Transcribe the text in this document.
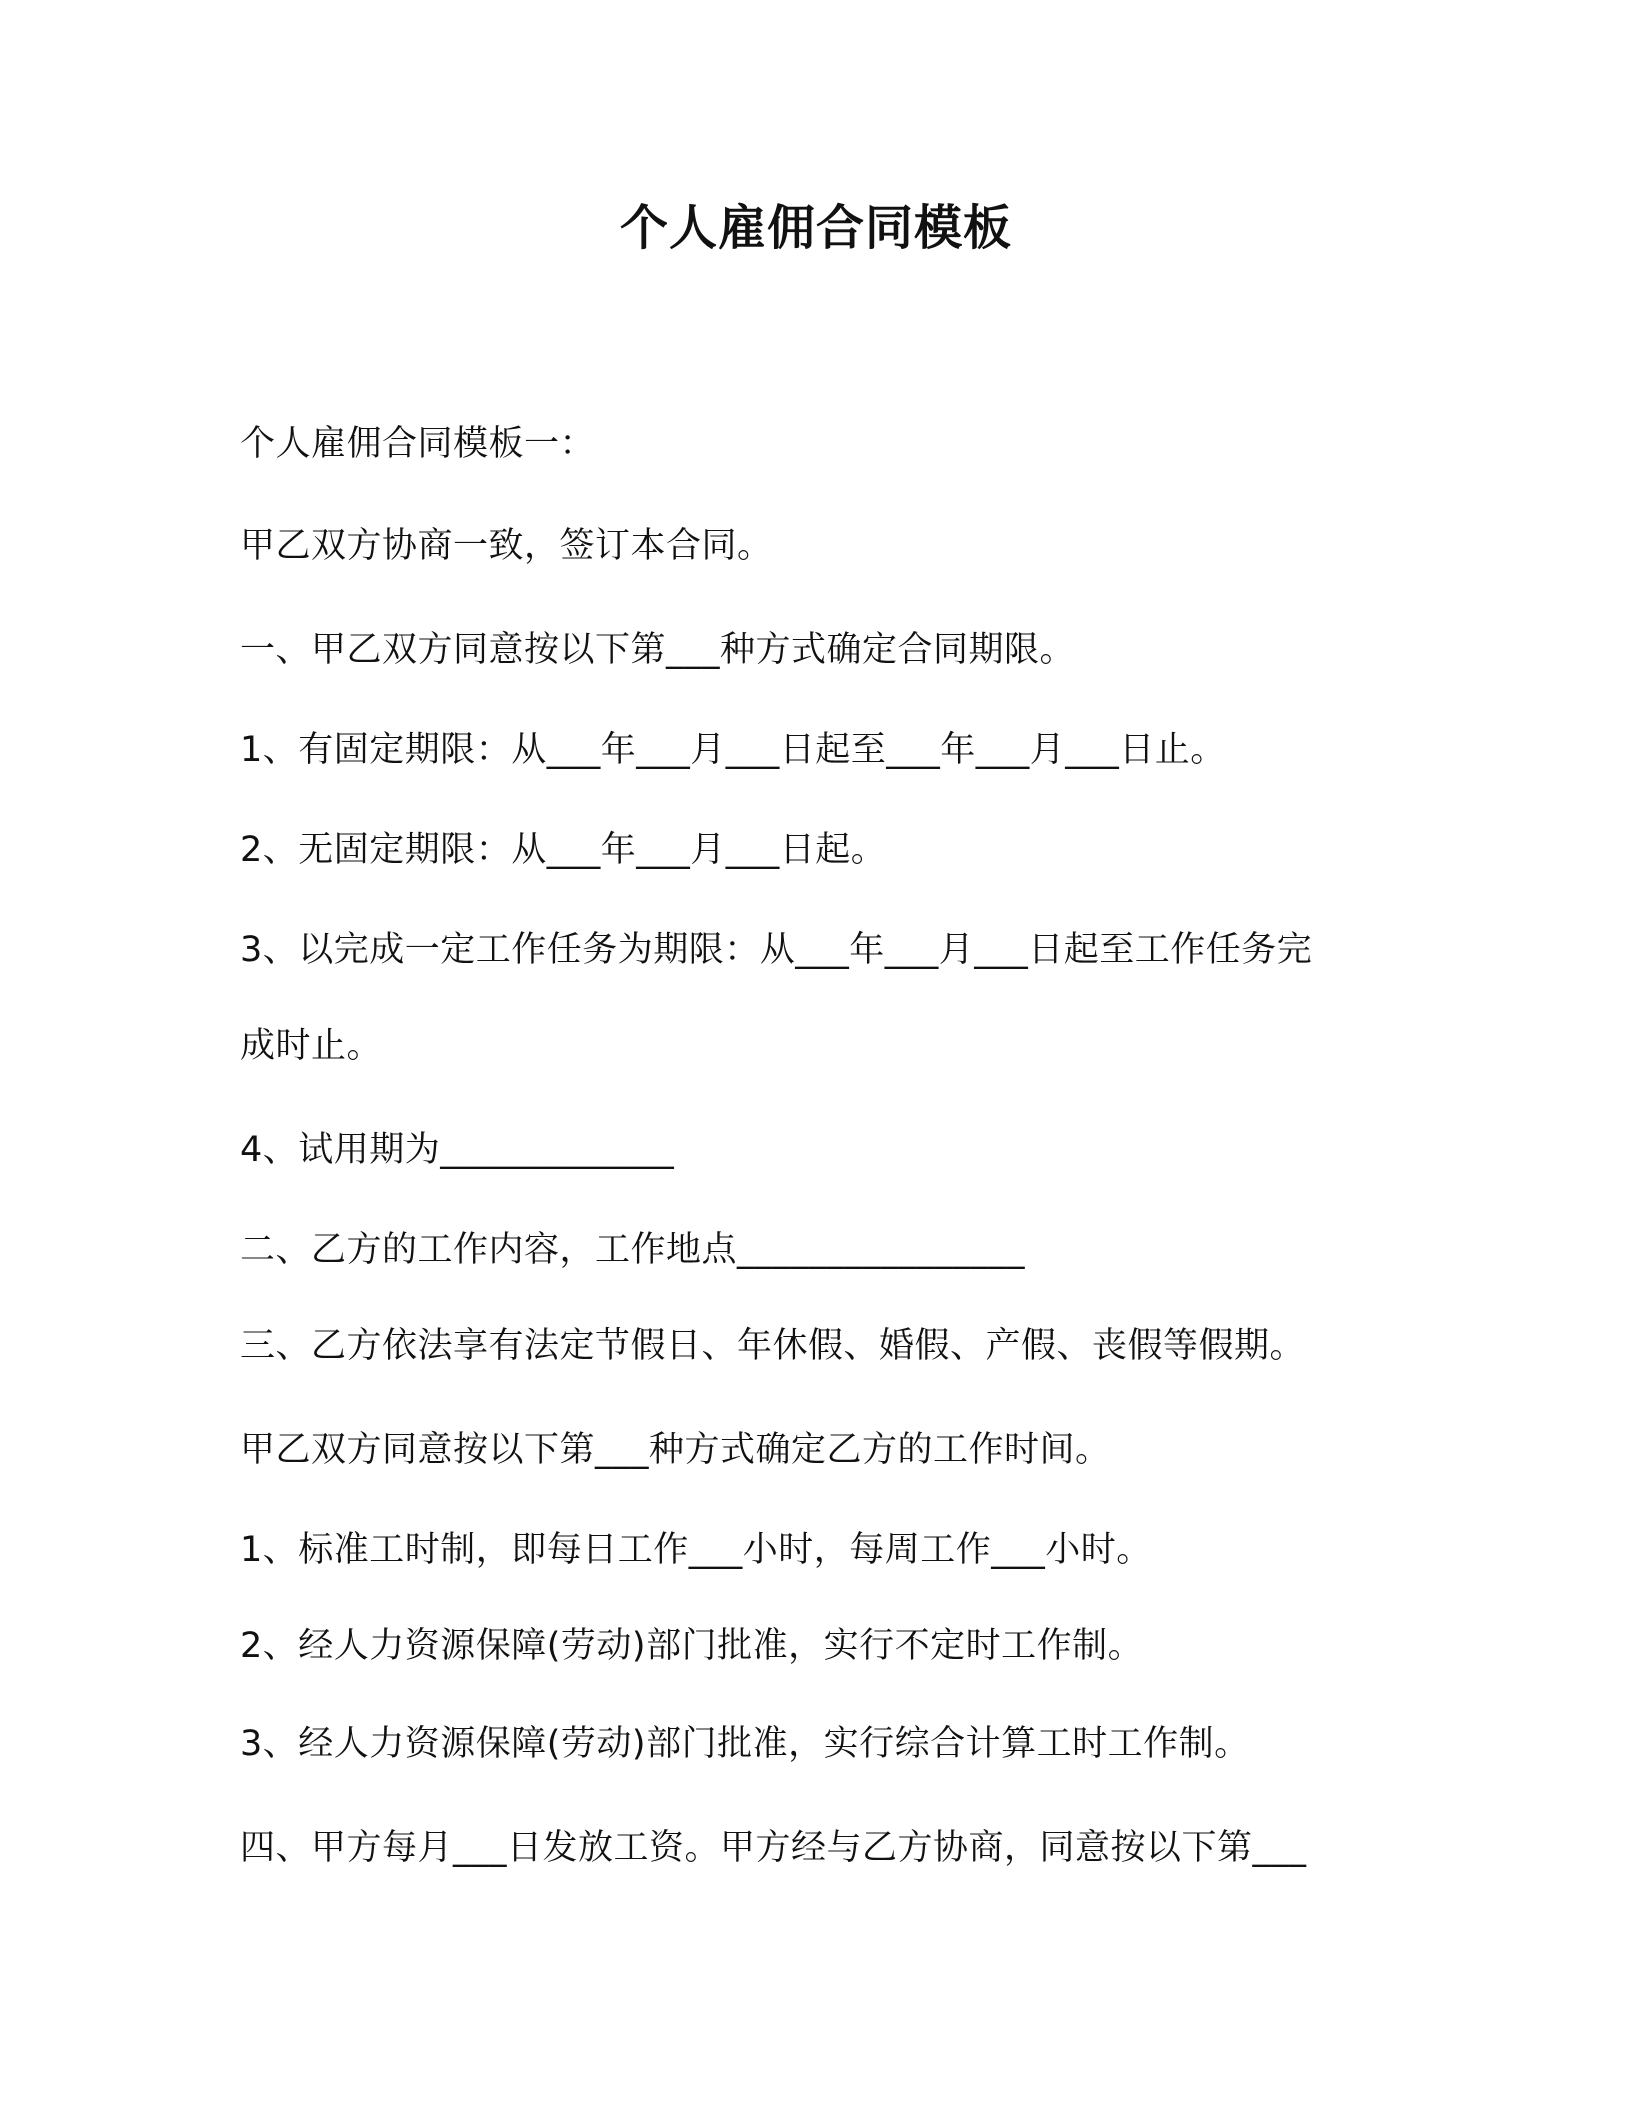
个人雇佣合同模板
个人雇佣合同模板一：
甲乙双方协商一致，签订本合同。
一、甲乙双方同意按以下第___种方式确定合同期限。
1、有固定期限：从___年___月___日起至___年___月___日止。
2、无固定期限：从___年___月___日起。
3、以完成一定工作任务为期限：从___年___月___日起至工作任务完
成时止。
4、试用期为_____________
二、乙方的工作内容，工作地点________________
三、乙方依法享有法定节假日、年休假、婚假、产假、丧假等假期。
甲乙双方同意按以下第___种方式确定乙方的工作时间。
1、标准工时制，即每日工作___小时，每周工作___小时。
2、经人力资源保障(劳动)部门批准，实行不定时工作制。
3、经人力资源保障(劳动)部门批准，实行综合计算工时工作制。
四、甲方每月___日发放工资。甲方经与乙方协商，同意按以下第___
